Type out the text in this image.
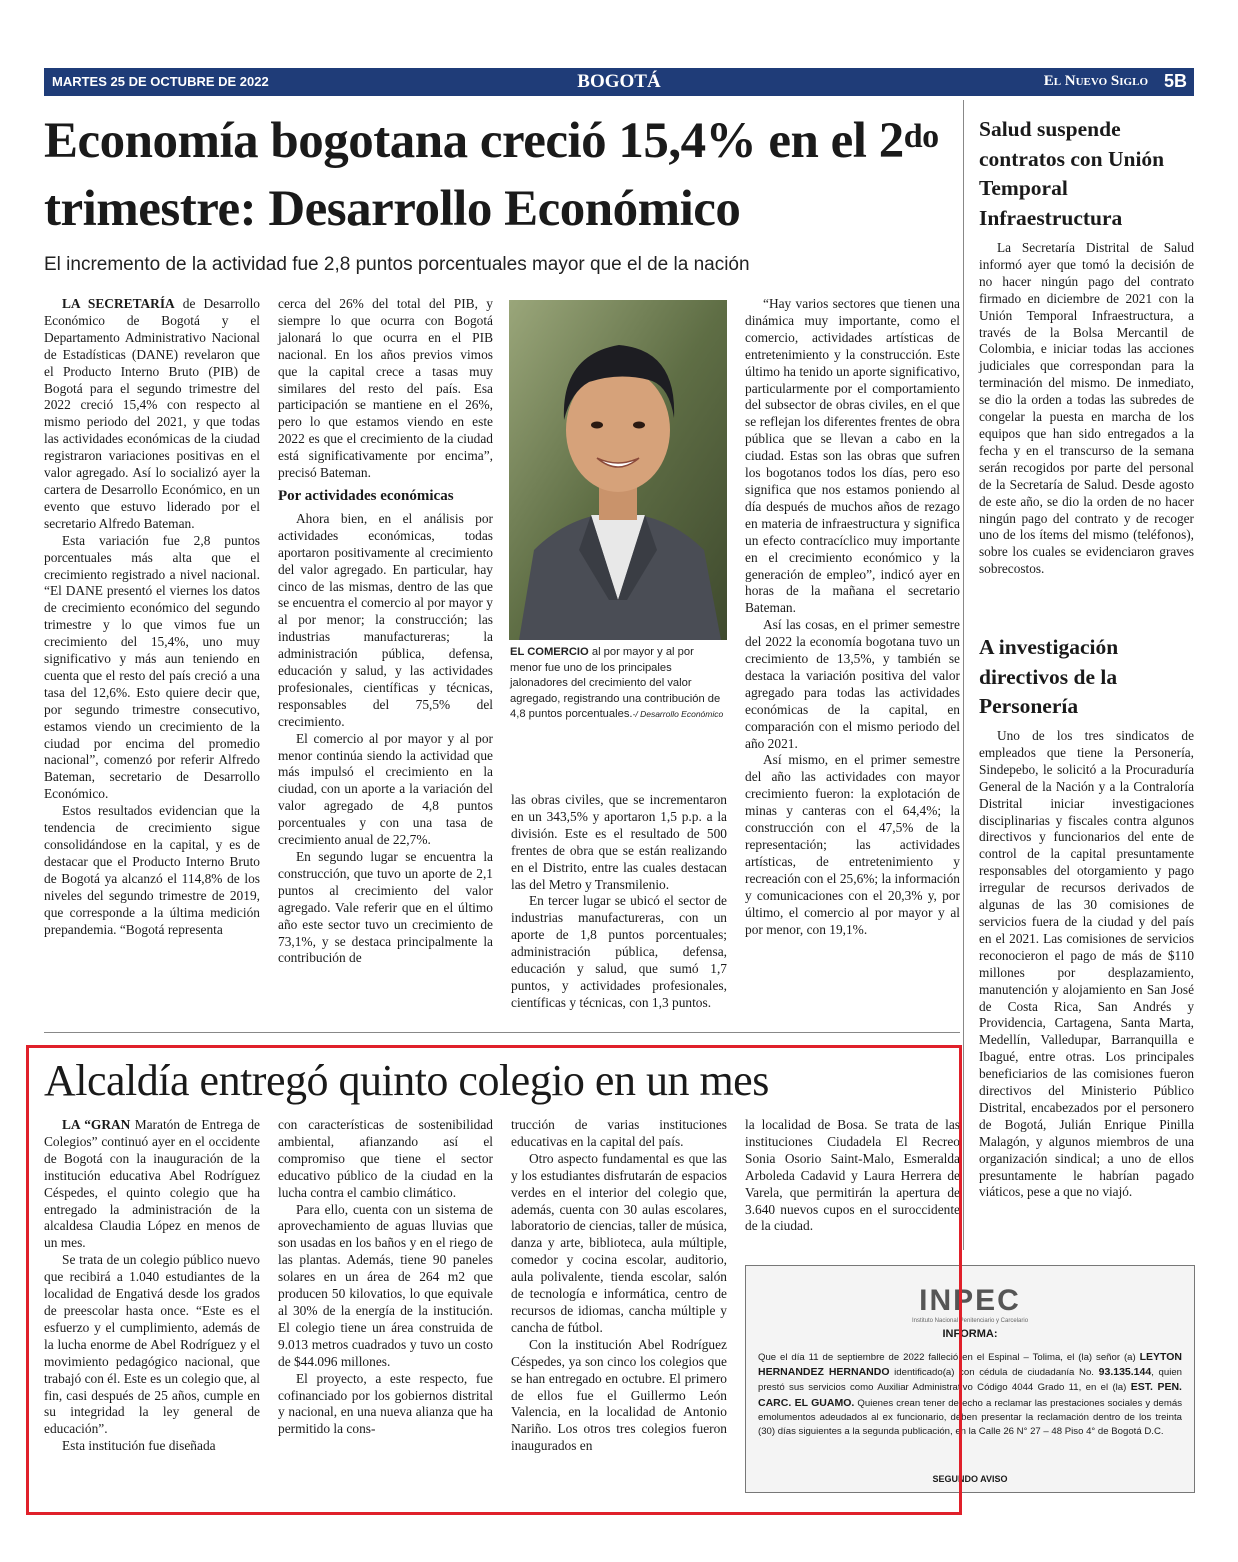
MARTES 25 DE OCTUBRE DE 2022	BOGOTÁ	El Nuevo Siglo 5B
Economía bogotana creció 15,4% en el 2do trimestre: Desarrollo Económico
El incremento de la actividad fue 2,8 puntos porcentuales mayor que el de la nación

LA SECRETARÍA de Desarrollo Económico de Bogotá y el Departamento Administrativo Nacional de Estadísticas (DANE) revelaron que el Producto Interno Bruto (PIB) de Bogotá para el segundo trimestre del 2022 creció 15,4% con respecto al mismo periodo del 2021, y que todas las actividades económicas de la ciudad registraron variaciones positivas en el valor agregado. Así lo socializó ayer la cartera de Desarrollo Económico, en un evento que estuvo liderado por el secretario Alfredo Bateman.

Esta variación fue 2,8 puntos porcentuales más alta que el crecimiento registrado a nivel nacional. “El DANE presentó el viernes los datos de crecimiento económico del segundo trimestre y lo que vimos fue un crecimiento del 15,4%, uno muy significativo y más aun teniendo en cuenta que el resto del país creció a una tasa del 12,6%. Esto quiere decir que, por segundo trimestre consecutivo, estamos viendo un crecimiento de la ciudad por encima del promedio nacional”, comenzó por referir Alfredo Bateman, secretario de Desarrollo Económico.

Estos resultados evidencian que la tendencia de crecimiento sigue consolidándose en la capital, y es de destacar que el Producto Interno Bruto de Bogotá ya alcanzó el 114,8% de los niveles del segundo trimestre de 2019, que corresponde a la última medición prepandemia. “Bogotá representa

cerca del 26% del total del PIB, y siempre lo que ocurra con Bogotá jalonará lo que ocurra en el PIB nacional. En los años previos vimos que la capital crece a tasas muy similares del resto del país. Esa participación se mantiene en el 26%, pero lo que estamos viendo en este 2022 es que el crecimiento de la ciudad está significativamente por encima”, precisó Bateman.

Por actividades económicas

Ahora bien, en el análisis por actividades económicas, todas aportaron positivamente al crecimiento del valor agregado. En particular, hay cinco de las mismas, dentro de las que se encuentra el comercio al por mayor y al por menor; la construcción; las industrias manufactureras; la administración pública, defensa, educación y salud, y las actividades profesionales, científicas y técnicas, responsables del 75,5% del crecimiento.

El comercio al por mayor y al por menor continúa siendo la actividad que más impulsó el crecimiento en la ciudad, con un aporte a la variación del valor agregado de 4,8 puntos porcentuales y con una tasa de crecimiento anual de 22,7%.

En segundo lugar se encuentra la construcción, que tuvo un aporte de 2,1 puntos al crecimiento del valor agregado. Vale referir que en el último año este sector tuvo un crecimiento de 73,1%, y se destaca principalmente la contribución de

EL COMERCIO al por mayor y al por menor fue uno de los principales jalonadores del crecimiento del valor agregado, registrando una contribución de 4,8 puntos porcentuales.-/ Desarrollo Económico

las obras civiles, que se incrementaron en un 343,5% y aportaron 1,5 p.p. a la división. Este es el resultado de 500 frentes de obra que se están realizando en el Distrito, entre las cuales destacan las del Metro y Transmilenio.

En tercer lugar se ubicó el sector de industrias manufactureras, con un aporte de 1,8 puntos porcentuales; administración pública, defensa, educación y salud, que sumó 1,7 puntos, y actividades profesionales, científicas y técnicas, con 1,3 puntos.

“Hay varios sectores que tienen una dinámica muy importante, como el comercio, actividades artísticas de entretenimiento y la construcción. Este último ha tenido un aporte significativo, particularmente por el comportamiento del subsector de obras civiles, en el que se reflejan los diferentes frentes de obra pública que se llevan a cabo en la ciudad. Estas son las obras que sufren los bogotanos todos los días, pero eso significa que nos estamos poniendo al día después de muchos años de rezago en materia de infraestructura y significa un efecto contracíclico muy importante en el crecimiento económico y la generación de empleo”, indicó ayer en horas de la mañana el secretario Bateman.

Así las cosas, en el primer semestre del 2022 la economía bogotana tuvo un crecimiento de 13,5%, y también se destaca la variación positiva del valor agregado para todas las actividades económicas de la capital, en comparación con el mismo periodo del año 2021.

Así mismo, en el primer semestre del año las actividades con mayor crecimiento fueron: la explotación de minas y canteras con el 64,4%; la construcción con el 47,5% de la representación; las actividades artísticas, de entretenimiento y recreación con el 25,6%; la información y comunicaciones con el 20,3% y, por último, el comercio al por mayor y al por menor, con 19,1%.

Salud suspende contratos con Unión Temporal Infraestructura

La Secretaría Distrital de Salud informó ayer que tomó la decisión de no hacer ningún pago del contrato firmado en diciembre de 2021 con la Unión Temporal Infraestructura, a través de la Bolsa Mercantil de Colombia, e iniciar todas las acciones judiciales que correspondan para la terminación del mismo. De inmediato, se dio la orden a todas las subredes de congelar la puesta en marcha de los equipos que han sido entregados a la fecha y en el transcurso de la semana serán recogidos por parte del personal de la Secretaría de Salud. Desde agosto de este año, se dio la orden de no hacer ningún pago del contrato y de recoger uno de los ítems del mismo (teléfonos), sobre los cuales se evidenciaron graves sobrecostos.

A investigación directivos de la Personería

Uno de los tres sindicatos de empleados que tiene la Personería, Sindepebo, le solicitó a la Procuraduría General de la Nación y a la Contraloría Distrital iniciar investigaciones disciplinarias y fiscales contra algunos directivos y funcionarios del ente de control de la capital presuntamente responsables del otorgamiento y pago irregular de recursos derivados de algunas de las 30 comisiones de servicios fuera de la ciudad y del país en el 2021. Las comisiones de servicios reconocieron el pago de más de $110 millones por desplazamiento, manutención y alojamiento en San José de Costa Rica, San Andrés y Providencia, Cartagena, Santa Marta, Medellín, Valledupar, Barranquilla e Ibagué, entre otras. Los principales beneficiarios de las comisiones fueron directivos del Ministerio Público Distrital, encabezados por el personero de Bogotá, Julián Enrique Pinilla Malagón, y algunos miembros de una organización sindical; a uno de ellos presuntamente le habrían pagado viáticos, pese a que no viajó.

Alcaldía entregó quinto colegio en un mes

LA “GRAN Maratón de Entrega de Colegios” continuó ayer en el occidente de Bogotá con la inauguración de la institución educativa Abel Rodríguez Céspedes, el quinto colegio que ha entregado la administración de la alcaldesa Claudia López en menos de un mes.

Se trata de un colegio público nuevo que recibirá a 1.040 estudiantes de la localidad de Engativá desde los grados de preescolar hasta once. “Este es el esfuerzo y el cumplimiento, además de la lucha enorme de Abel Rodríguez y el movimiento pedagógico nacional, que trabajó con él. Este es un colegio que, al fin, casi después de 25 años, cumple en su integridad la ley general de educación”.

Esta institución fue diseñada

con características de sostenibilidad ambiental, afianzando así el compromiso que tiene el sector educativo público de la ciudad en la lucha contra el cambio climático.

Para ello, cuenta con un sistema de aprovechamiento de aguas lluvias que son usadas en los baños y en el riego de las plantas. Además, tiene 90 paneles solares en un área de 264 m2 que producen 50 kilovatios, lo que equivale al 30% de la energía de la institución. El colegio tiene un área construida de 9.013 metros cuadrados y tuvo un costo de $44.096 millones.

El proyecto, a este respecto, fue cofinanciado por los gobiernos distrital y nacional, en una nueva alianza que ha permitido la cons-

trucción de varias instituciones educativas en la capital del país.

Otro aspecto fundamental es que las y los estudiantes disfrutarán de espacios verdes en el interior del colegio que, además, cuenta con 30 aulas escolares, laboratorio de ciencias, taller de música, danza y arte, biblioteca, aula múltiple, comedor y cocina escolar, auditorio, aula polivalente, tienda escolar, salón de tecnología e informática, centro de recursos de idiomas, cancha múltiple y cancha de fútbol.

Con la institución Abel Rodríguez Céspedes, ya son cinco los colegios que se han entregado en octubre. El primero de ellos fue el Guillermo León Valencia, en la localidad de Antonio Nariño. Los otros tres colegios fueron inaugurados en

la localidad de Bosa. Se trata de las instituciones Ciudadela El Recreo Sonia Osorio Saint-Malo, Esmeralda Arboleda Cadavid y Laura Herrera de Varela, que permitirán la apertura de 3.640 nuevos cupos en el suroccidente de la ciudad.

INPEC
Instituto Nacional Penitenciario y Carcelario
INFORMA:
Que el día 11 de septiembre de 2022 falleció en el Espinal – Tolima, el (la) señor (a) LEYTON HERNANDEZ HERNANDO identificado(a) con cédula de ciudadanía No. 93.135.144, quien prestó sus servicios como Auxiliar Administrativo Código 4044 Grado 11, en el (la) EST. PEN. CARC. EL GUAMO. Quienes crean tener derecho a reclamar las prestaciones sociales y demás emolumentos adeudados al ex funcionario, deben presentar la reclamación dentro de los treinta (30) días siguientes a la segunda publicación, en la Calle 26 N° 27 – 48 Piso 4° de Bogotá D.C.
SEGUNDO AVISO
